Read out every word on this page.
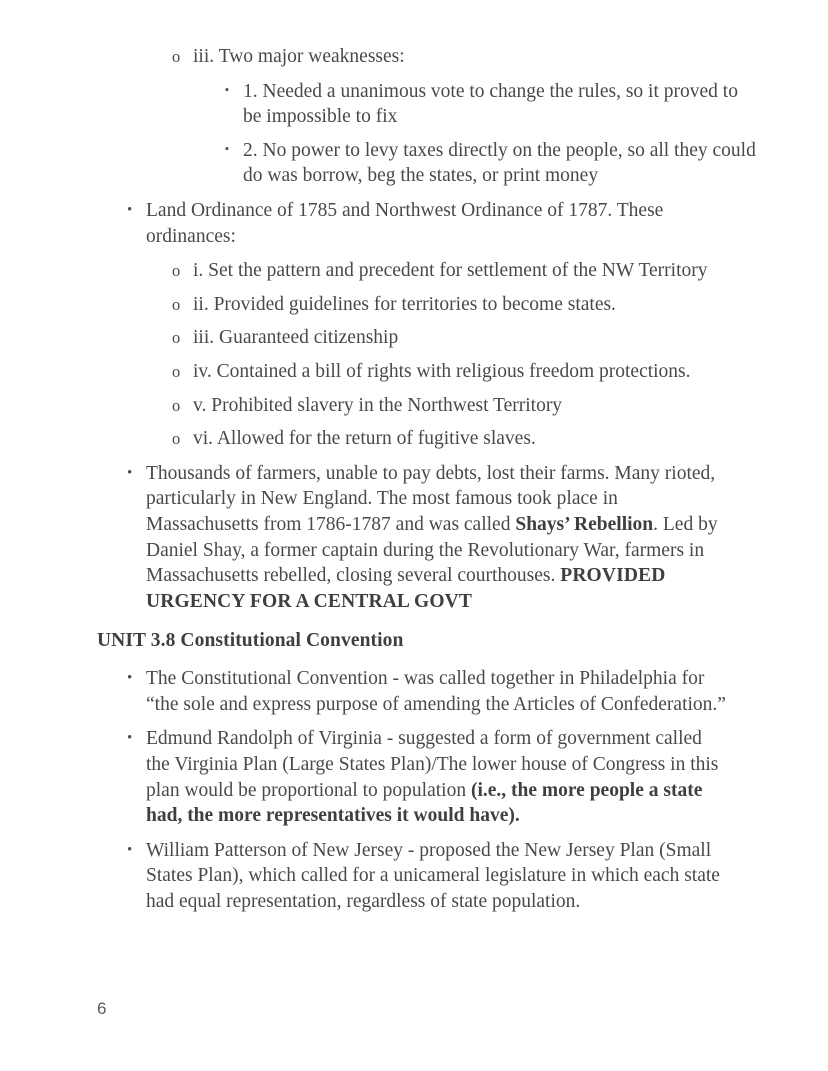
o iii. Two major weaknesses:
▪ 1. Needed a unanimous vote to change the rules, so it proved to be impossible to fix
▪ 2. No power to levy taxes directly on the people, so all they could do was borrow, beg the states, or print money
• Land Ordinance of 1785 and Northwest Ordinance of 1787. These ordinances:
o i. Set the pattern and precedent for settlement of the NW Territory
o ii. Provided guidelines for territories to become states.
o iii. Guaranteed citizenship
o iv. Contained a bill of rights with religious freedom protections.
o v. Prohibited slavery in the Northwest Territory
o vi. Allowed for the return of fugitive slaves.
• Thousands of farmers, unable to pay debts, lost their farms. Many rioted, particularly in New England. The most famous took place in Massachusetts from 1786-1787 and was called Shays’ Rebellion. Led by Daniel Shay, a former captain during the Revolutionary War, farmers in Massachusetts rebelled, closing several courthouses. PROVIDED URGENCY FOR A CENTRAL GOVT
UNIT 3.8 Constitutional Convention
• The Constitutional Convention - was called together in Philadelphia for “the sole and express purpose of amending the Articles of Confederation.”
• Edmund Randolph of Virginia - suggested a form of government called the Virginia Plan (Large States Plan)/The lower house of Congress in this plan would be proportional to population (i.e., the more people a state had, the more representatives it would have).
• William Patterson of New Jersey - proposed the New Jersey Plan (Small States Plan), which called for a unicameral legislature in which each state had equal representation, regardless of state population.
6
